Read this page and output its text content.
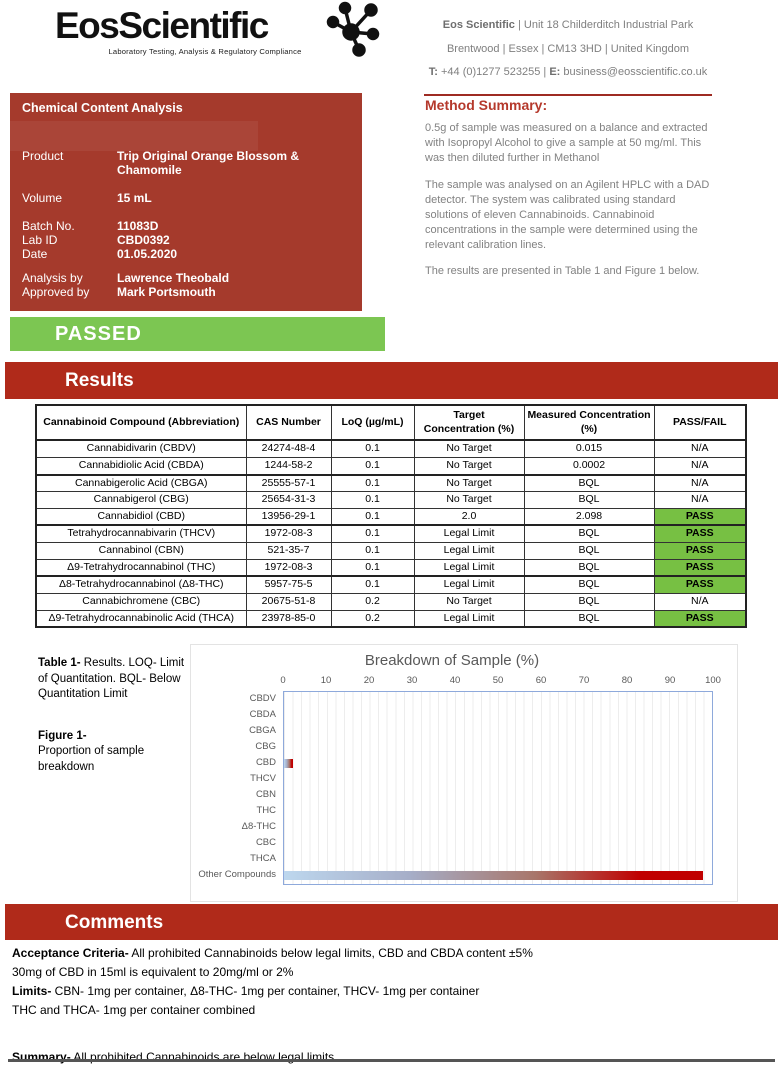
EosScientific
Laboratory Testing, Analysis & Regulatory Compliance
Eos Scientific | Unit 18 Childerditch Industrial Park
Brentwood | Essex | CM13 3HD | United Kingdom
T: +44 (0)1277 523255 | E: business@eosscientific.co.uk
Chemical Content Analysis
Product	Trip Original Orange Blossom & Chamomile
Volume	15 mL
Batch No.	11083D
Lab ID	CBD0392
Date	01.05.2020
Analysis by	Lawrence Theobald
Approved by	Mark Portsmouth
PASSED
Method Summary:

0.5g of sample was measured on a balance and extracted with Isopropyl Alcohol to give a sample at 50 mg/ml. This was then diluted further in Methanol

The sample was analysed on an Agilent HPLC with a DAD detector. The system was calibrated using standard solutions of eleven Cannabinoids. Cannabinoid concentrations in the sample were determined using the relevant calibration lines.

The results are presented in Table 1 and Figure 1 below.

Results
Cannabinoid Compound (Abbreviation)	CAS Number	LoQ (µg/mL)	Target Concentration (%)	Measured Concentration (%)	PASS/FAIL
Cannabidivarin (CBDV)	24274-48-4	0.1	No Target	0.015	N/A
Cannabidiolic Acid (CBDA)	1244-58-2	0.1	No Target	0.0002	N/A
Cannabigerolic Acid (CBGA)	25555-57-1	0.1	No Target	BQL	N/A
Cannabigerol (CBG)	25654-31-3	0.1	No Target	BQL	N/A
Cannabidiol (CBD)	13956-29-1	0.1	2.0	2.098	PASS
Tetrahydrocannabivarin (THCV)	1972-08-3	0.1	Legal Limit	BQL	PASS
Cannabinol (CBN)	521-35-7	0.1	Legal Limit	BQL	PASS
Δ9-Tetrahydrocannabinol (THC)	1972-08-3	0.1	Legal Limit	BQL	PASS
Δ8-Tetrahydrocannabinol (Δ8-THC)	5957-75-5	0.1	Legal Limit	BQL	PASS
Cannabichromene (CBC)	20675-51-8	0.2	No Target	BQL	N/A
Δ9-Tetrahydrocannabinolic Acid (THCA)	23978-85-0	0.2	Legal Limit	BQL	PASS
Table 1- Results. LOQ- Limit of Quantitation. BQL- Below Quantitation Limit
Figure 1-
Proportion of sample breakdown
Breakdown of Sample (%)
0	10	20	30	40	50	60	70	80	90	100
CBDV
CBDA
CBGA
CBG
CBD
THCV
CBN
THC
Δ8-THC
CBC
THCA
Other Compounds
Comments
Acceptance Criteria- All prohibited Cannabinoids below legal limits, CBD and CBDA content ±5%
30mg of CBD in 15ml is equivalent to 20mg/ml or 2%
Limits- CBN- 1mg per container, Δ8-THC- 1mg per container, THCV- 1mg per container
THC and THCA- 1mg per container combined
Summary- All prohibited Cannabinoids are below legal limits
